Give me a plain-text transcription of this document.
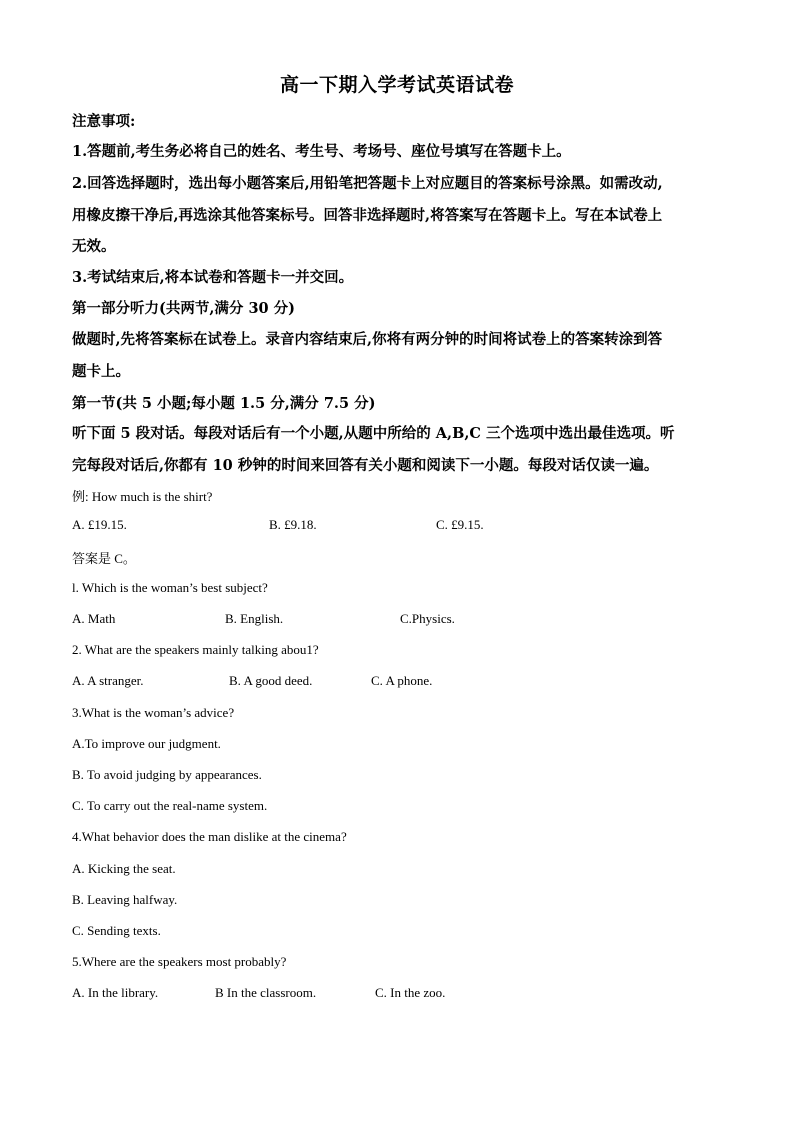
高一下期入学考试英语试卷
注意事项:
1.答题前,考生务必将自己的姓名、考生号、考场号、座位号填写在答题卡上。
2.回答选择题时，选出每小题答案后,用铅笔把答题卡上对应题目的答案标号涂黑。如需改动,
用橡皮擦干净后,再选涂其他答案标号。回答非选择题时,将答案写在答题卡上。写在本试卷上
无效。
3.考试结束后,将本试卷和答题卡一并交回。
第一部分听力(共两节,满分 30 分)
做题时,先将答案标在试卷上。录音内容结束后,你将有两分钟的时间将试卷上的答案转涂到答
题卡上。
第一节(共 5 小题;每小题 1.5 分,满分 7.5 分)
听下面 5 段对话。每段对话后有一个小题,从题中所给的 A,B,C 三个选项中选出最佳选项。听
完每段对话后,你都有 10 秒钟的时间来回答有关小题和阅读下一小题。每段对话仅读一遍。
例: How much is the shirt?
A. £19.15.	B. £9.18.	C. £9.15.
答案是 C。
l. Which is the woman’s best subject?
A. Math	B. English.	C.Physics.
2. What are the speakers mainly talking abou1?
A. A stranger.	B. A good deed.	C. A phone.
3.What is the woman’s advice?
A.To improve our judgment.
B. To avoid judging by appearances.
C. To carry out the real-name system.
4.What behavior does the man dislike at the cinema?
A. Kicking the seat.
B. Leaving halfway.
C. Sending texts.
5.Where are the speakers most probably?
A. In the library.	B In the classroom.	C. In the zoo.
